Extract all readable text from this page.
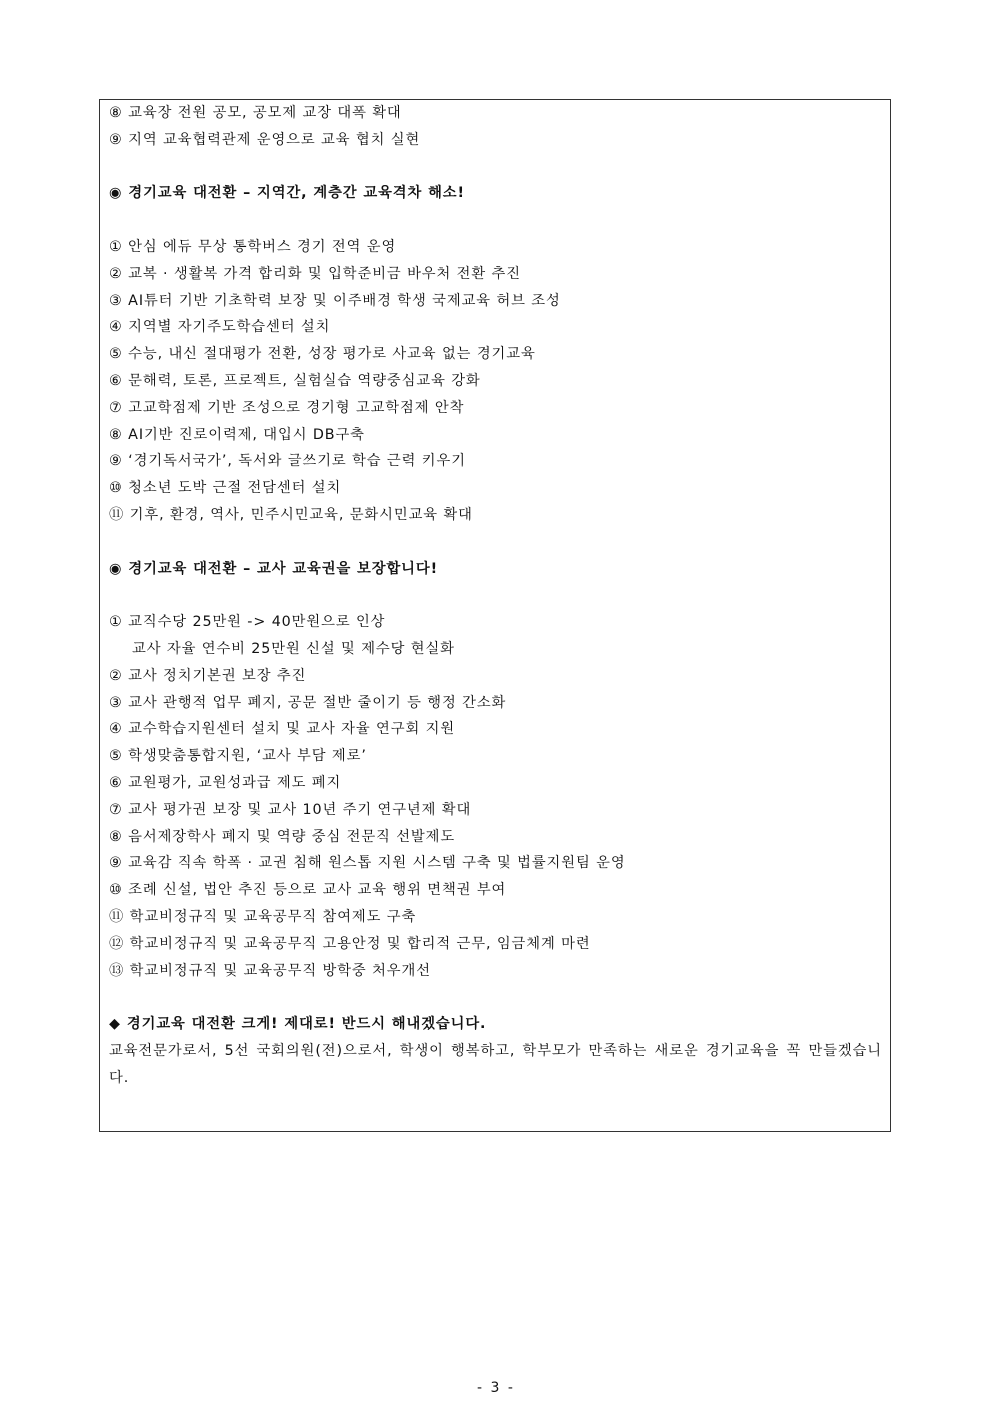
⑧ 교육장 전원 공모, 공모제 교장 대폭 확대
⑨ 지역 교육협력관제 운영으로 교육 협치 실현
◉ 경기교육 대전환 – 지역간, 계층간 교육격차 해소!
① 안심 에듀 무상 통학버스 경기 전역 운영
② 교복 · 생활복 가격 합리화 및 입학준비금 바우처 전환 추진
③ AI튜터 기반 기초학력 보장 및 이주배경 학생 국제교육 허브 조성
④ 지역별 자기주도학습센터 설치
⑤ 수능, 내신 절대평가 전환, 성장 평가로 사교육 없는 경기교육
⑥ 문해력, 토론, 프로젝트, 실험실습 역량중심교육 강화
⑦ 고교학점제 기반 조성으로 경기형 고교학점제 안착
⑧ AI기반 진로이력제, 대입시 DB구축
⑨ ‘경기독서국가’, 독서와 글쓰기로 학습 근력 키우기
⑩ 청소년 도박 근절 전담센터 설치
⑪ 기후, 환경, 역사, 민주시민교육, 문화시민교육 확대
◉ 경기교육 대전환 – 교사 교육권을 보장합니다!
① 교직수당 25만원 -> 40만원으로 인상
교사 자율 연수비 25만원 신설 및 제수당 현실화
② 교사 정치기본권 보장 추진
③ 교사 관행적 업무 폐지, 공문 절반 줄이기 등 행정 간소화
④ 교수학습지원센터 설치 및 교사 자율 연구회 지원
⑤ 학생맞춤통합지원, ‘교사 부담 제로’
⑥ 교원평가, 교원성과급 제도 폐지
⑦ 교사 평가권 보장 및 교사 10년 주기 연구년제 확대
⑧ 음서제장학사 폐지 및 역량 중심 전문직 선발제도
⑨ 교육감 직속 학폭 · 교권 침해 원스톱 지원 시스템 구축 및 법률지원팀 운영
⑩ 조례 신설, 법안 추진 등으로 교사 교육 행위 면책권 부여
⑪ 학교비정규직 및 교육공무직 참여제도 구축
⑫ 학교비정규직 및 교육공무직 고용안정 및 합리적 근무, 임금체계 마련
⑬ 학교비정규직 및 교육공무직 방학중 처우개선
◆ 경기교육 대전환 크게! 제대로! 반드시 해내겠습니다.
교육전문가로서, 5선 국회의원(전)으로서, 학생이 행복하고, 학부모가 만족하는 새로운 경기교육을 꼭 만들겠습니다.
- 3 -
